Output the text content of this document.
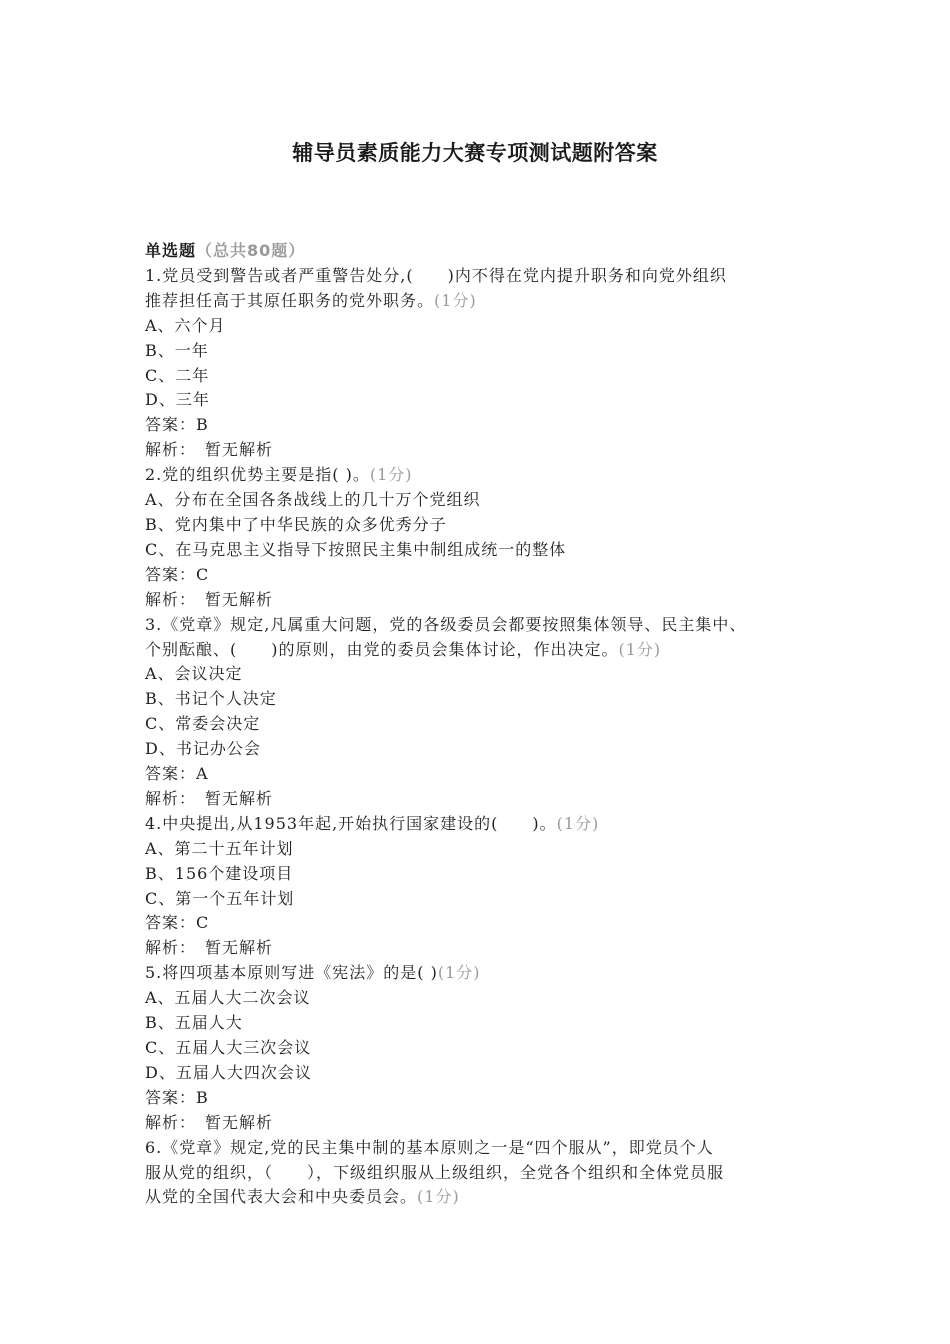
辅导员素质能力大赛专项测试题附答案
单选题（总共80题）
1.党员受到警告或者严重警告处分,(　　)内不得在党内提升职务和向党外组织
推荐担任高于其原任职务的党外职务。(1分)
A、六个月
B、一年
C、二年
D、三年
答案：B
解析：　暂无解析
2.党的组织优势主要是指( )。(1分)
A、分布在全国各条战线上的几十万个党组织
B、党内集中了中华民族的众多优秀分子
C、在马克思主义指导下按照民主集中制组成统一的整体
答案：C
解析：　暂无解析
3.《党章》规定,凡属重大问题，党的各级委员会都要按照集体领导、民主集中、
个别酝酿、(　　)的原则，由党的委员会集体讨论，作出决定。(1分)
A、会议决定
B、书记个人决定
C、常委会决定
D、书记办公会
答案：A
解析：　暂无解析
4.中央提出,从1953年起,开始执行国家建设的(　　)。(1分)
A、第二十五年计划
B、156个建设项目
C、第一个五年计划
答案：C
解析：　暂无解析
5.将四项基本原则写进《宪法》的是( )(1分)
A、五届人大二次会议
B、五届人大
C、五届人大三次会议
D、五届人大四次会议
答案：B
解析：　暂无解析
6.《党章》规定,党的民主集中制的基本原则之一是“四个服从”，即党员个人
服从党的组织，（　　），下级组织服从上级组织，全党各个组织和全体党员服
从党的全国代表大会和中央委员会。(1分)
